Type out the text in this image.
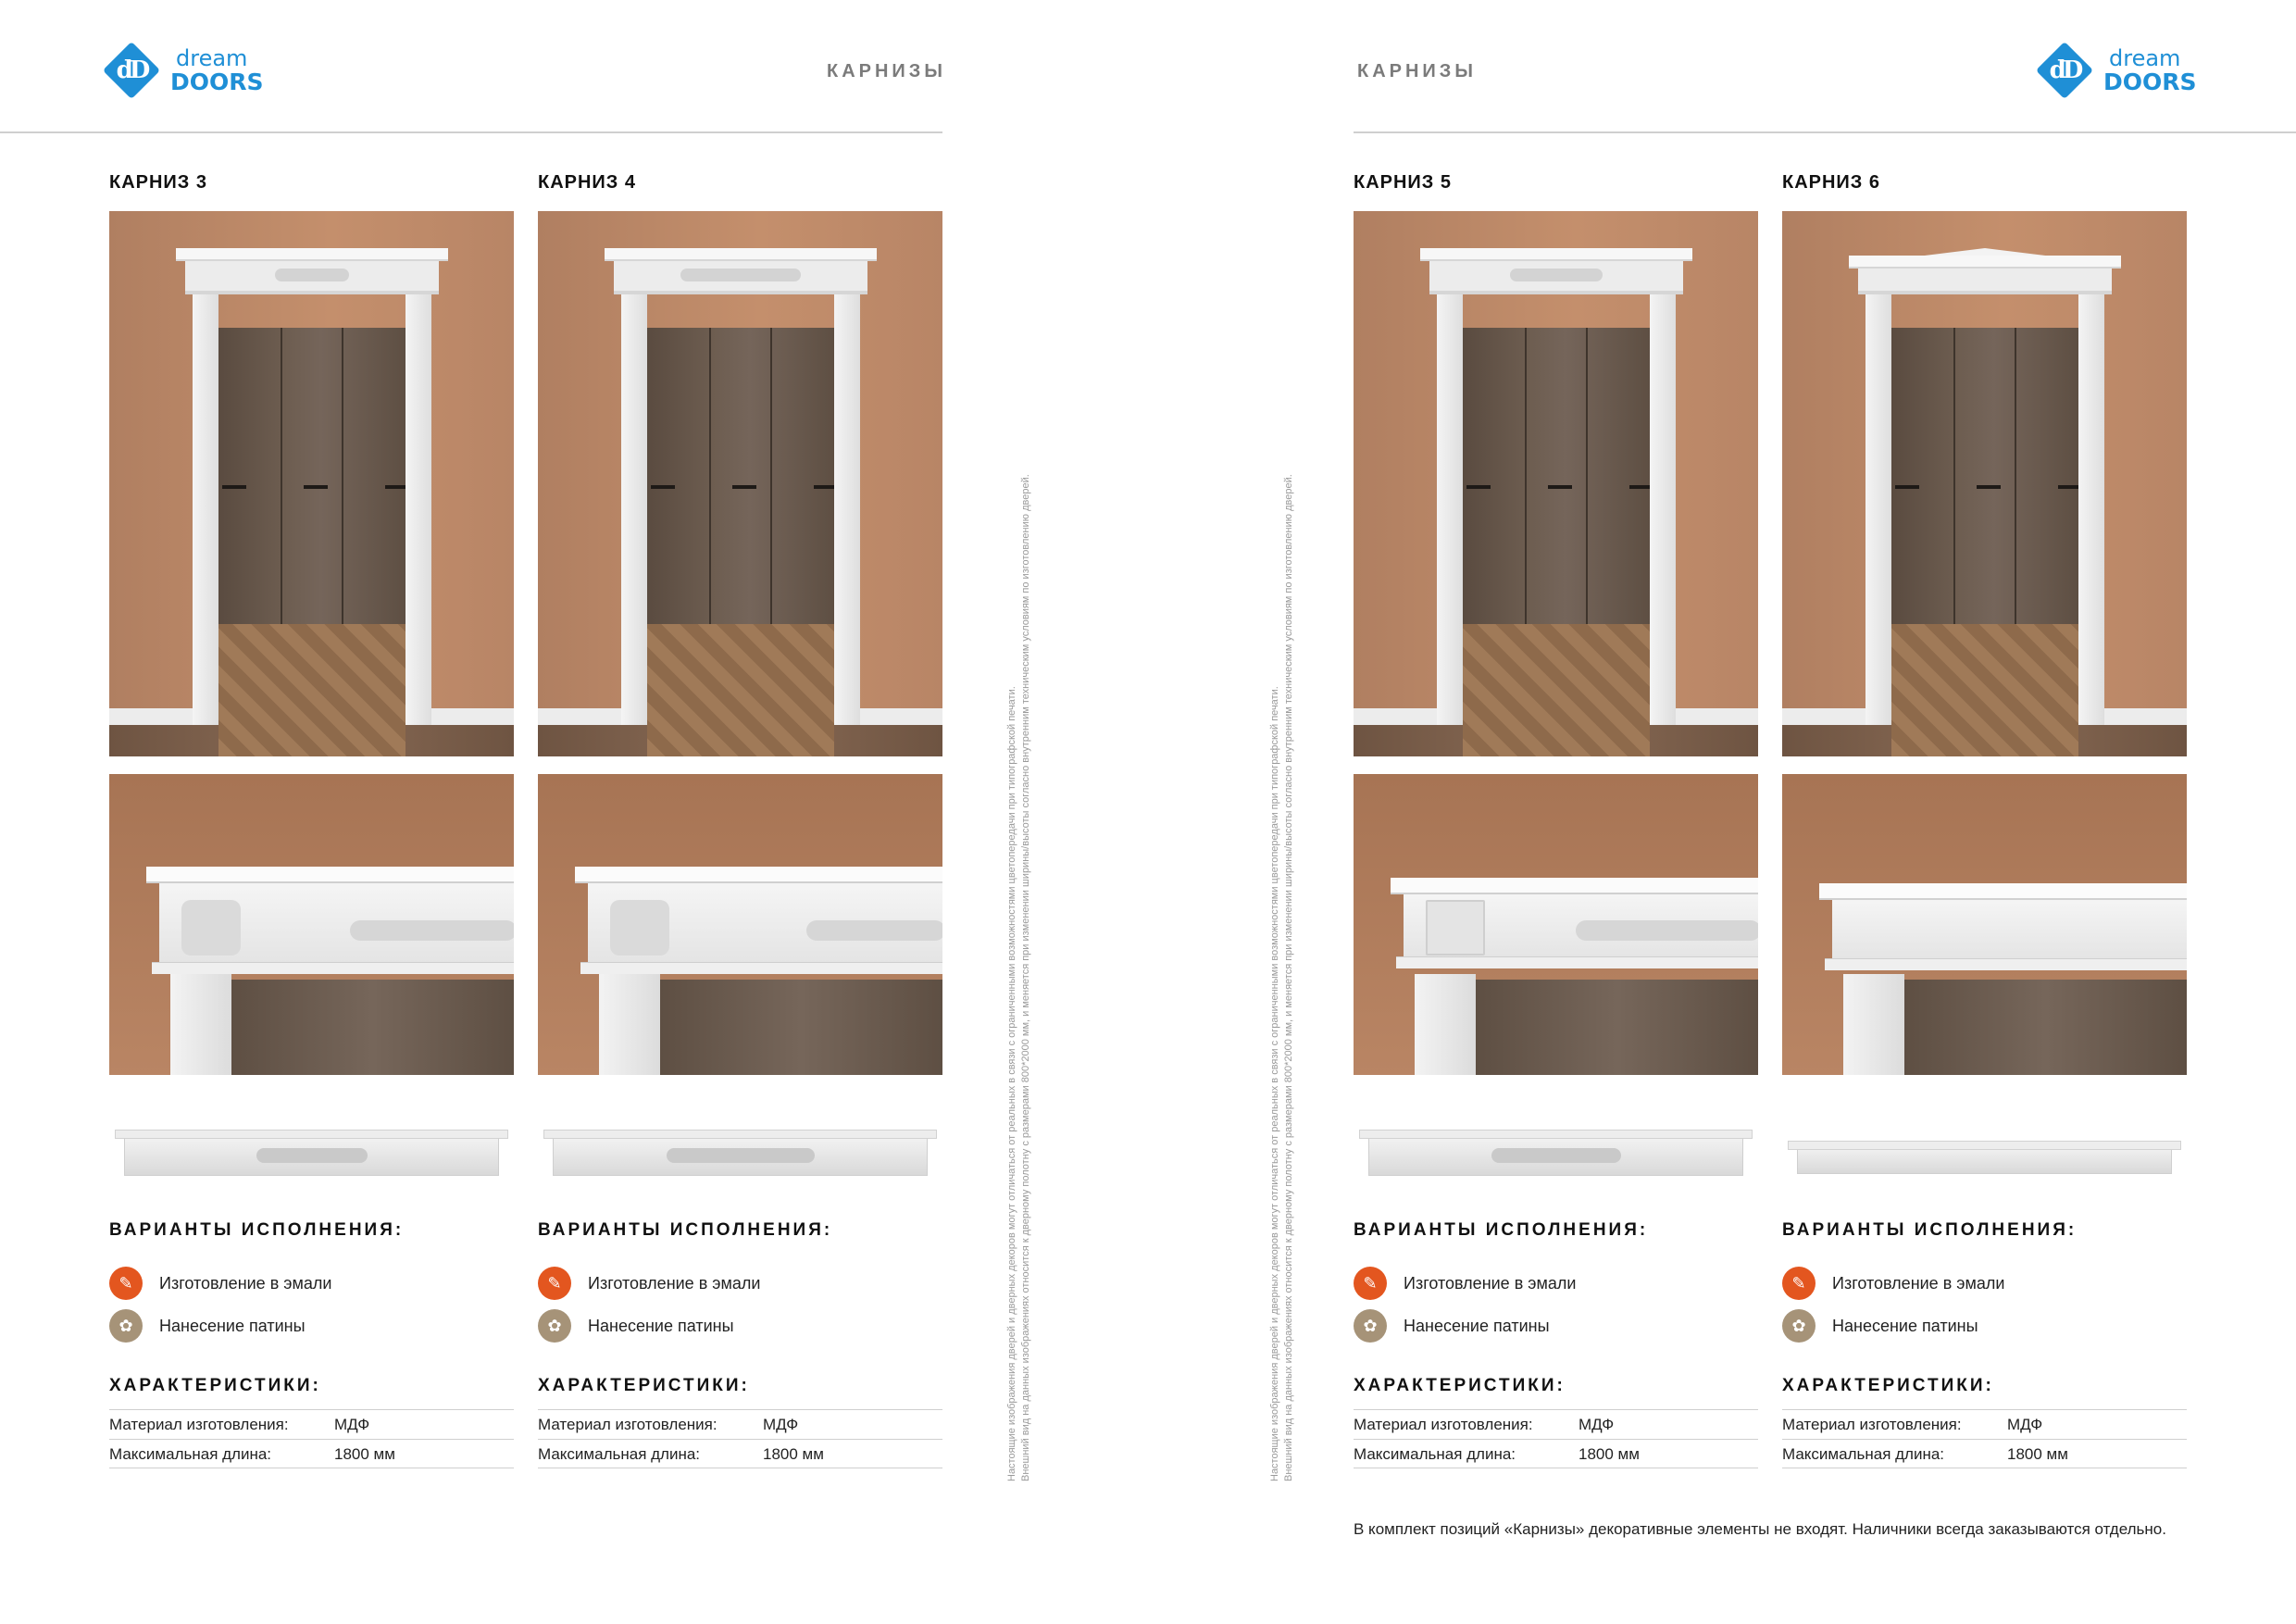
dD	dream
DOORS	КАРНИЗЫ	КАРНИЗЫ	dD	dream
DOORS
КАРНИЗ 3
ВАРИАНТЫ ИСПОЛНЕНИЯ:
✎	Изготовление в эмали
✿	Нанесение патины
ХАРАКТЕРИСТИКИ:
Материал изготовления:	МДФ
Максимальная длина:	1800 мм
КАРНИЗ 4
ВАРИАНТЫ ИСПОЛНЕНИЯ:
✎	Изготовление в эмали
✿	Нанесение патины
ХАРАКТЕРИСТИКИ:
Материал изготовления:	МДФ
Максимальная длина:	1800 мм	Настоящие изображения дверей и дверных декоров могут отличаться от реальных в связи с ограниченными возможностями цветопередачи при типографской печати. Внешний вид на данных изображениях относится к дверному полотну с размерами 800*2000 мм, и меняется при изменении ширины/высоты согласно внутренним техническим условиям по изготовлению дверей.	Настоящие изображения дверей и дверных декоров могут отличаться от реальных в связи с ограниченными возможностями цветопередачи при типографской печати. Внешний вид на данных изображениях относится к дверному полотну с размерами 800*2000 мм, и меняется при изменении ширины/высоты согласно внутренним техническим условиям по изготовлению дверей.
КАРНИЗ 5
ВАРИАНТЫ ИСПОЛНЕНИЯ:
✎	Изготовление в эмали
✿	Нанесение патины
ХАРАКТЕРИСТИКИ:
Материал изготовления:	МДФ
Максимальная длина:	1800 мм
КАРНИЗ 6
ВАРИАНТЫ ИСПОЛНЕНИЯ:
✎	Изготовление в эмали
✿	Нанесение патины
ХАРАКТЕРИСТИКИ:
Материал изготовления:	МДФ
Максимальная длина:	1800 мм
В комплект позиций «Карнизы» декоративные элементы не входят. Наличники всегда заказываются отдельно.
